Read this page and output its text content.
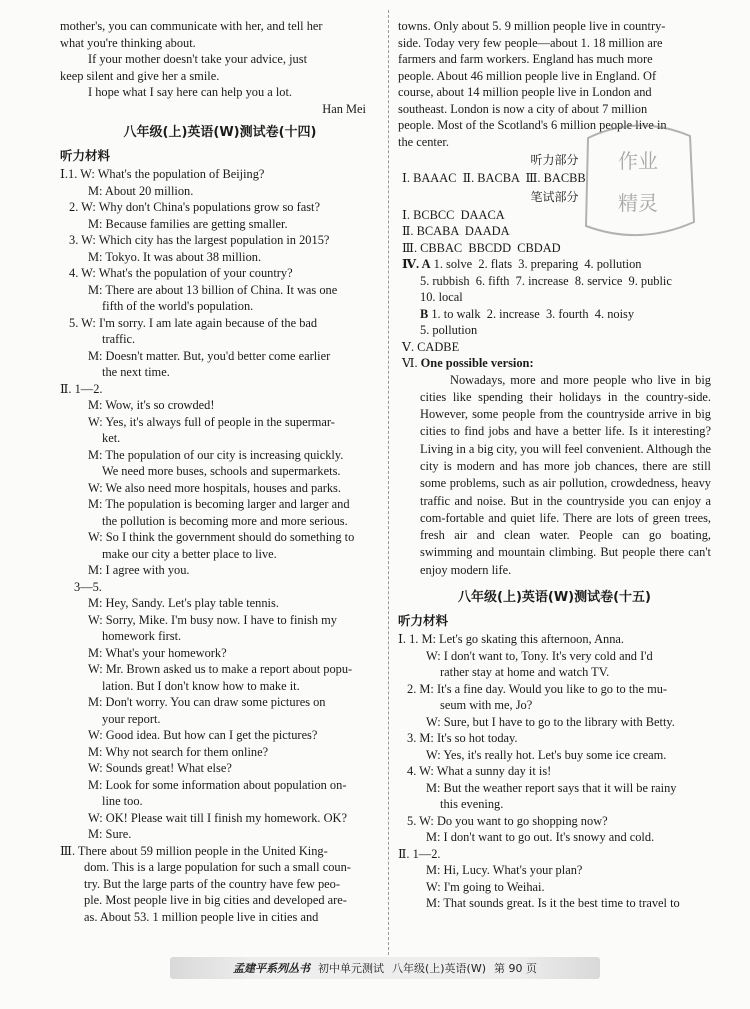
mother's, you can communicate with her, and tell her
what you're thinking about.
If your mother doesn't take your advice, just
keep silent and give her a smile.
I hope what I say here can help you a lot.
Han Mei
八年级(上)英语(W)测试卷(十四)
听力材料
Ⅰ.1. W: What's the population of Beijing?
M: About 20 million.
2. W: Why don't China's populations grow so fast?
M: Because families are getting smaller.
3. W: Which city has the largest population in 2015?
M: Tokyo. It was about 38 million.
4. W: What's the population of your country?
M: There are about 13 billion of China. It was one
fifth of the world's population.
5. W: I'm sorry. I am late again because of the bad
traffic.
M: Doesn't matter. But, you'd better come earlier
the next time.
Ⅱ. 1—2.
M: Wow, it's so crowded!
W: Yes, it's always full of people in the supermar-
ket.
M: The population of our city is increasing quickly.
We need more buses, schools and supermarkets.
W: We also need more hospitals, houses and parks.
M: The population is becoming larger and larger and
the pollution is becoming more and more serious.
W: So I think the government should do something to
make our city a better place to live.
M: I agree with you.
3—5.
M: Hey, Sandy. Let's play table tennis.
W: Sorry, Mike. I'm busy now. I have to finish my
homework first.
M: What's your homework?
W: Mr. Brown asked us to make a report about popu-
lation. But I don't know how to make it.
M: Don't worry. You can draw some pictures on
your report.
W: Good idea. But how can I get the pictures?
M: Why not search for them online?
W: Sounds great! What else?
M: Look for some information about population on-
line too.
W: OK! Please wait till I finish my homework. OK?
M: Sure.
Ⅲ. There about 59 million people in the United King-
dom. This is a large population for such a small coun-
try. But the large parts of the country have few peo-
ple. Most people live in big cities and developed are-
as. About 53. 1 million people live in cities and
towns. Only about 5. 9 million people live in country-
side. Today very few people—about 1. 18 million are
farmers and farm workers. England has much more
people. About 46 million people live in England. Of
course, about 14 million people live in London and
southeast. London is now a city of about 7 million
people. Most of the Scotland's 6 million people live in
the center.
听力部分
Ⅰ. BAAAC  Ⅱ. BACBA  Ⅲ. BACBB
笔试部分
Ⅰ. BCBCC  DAACA
Ⅱ. BCABA  DAADA
Ⅲ. CBBAC  BBCDD  CBDAD
Ⅳ. A 1. solve  2. flats  3. preparing  4. pollution
5. rubbish  6. fifth  7. increase  8. service  9. public
10. local
B 1. to walk  2. increase  3. fourth  4. noisy
5. pollution
Ⅴ. CADBE
Ⅵ. One possible version:

Nowadays, more and more people who live in big cities like spending their holidays in the country-side. However, some people from the countryside arrive in big cities to find jobs and have a better life. Is it interesting? Living in a big city, you will feel convenient. Although the city is modern and has more job chances, there are still some problems, such as air pollution, crowdedness, heavy traffic and noise. But in the countryside you can enjoy a com-fortable and quiet life. There are lots of green trees, fresh air and clean water. People can go boating, swimming and mountain climbing. But people there can't enjoy modern life.

八年级(上)英语(W)测试卷(十五)
听力材料
Ⅰ. 1. M: Let's go skating this afternoon, Anna.
W: I don't want to, Tony. It's very cold and I'd
rather stay at home and watch TV.
2. M: It's a fine day. Would you like to go to the mu-
seum with me, Jo?
W: Sure, but I have to go to the library with Betty.
3. M: It's so hot today.
W: Yes, it's really hot. Let's buy some ice cream.
4. W: What a sunny day it is!
M: But the weather report says that it will be rainy
this evening.
5. W: Do you want to go shopping now?
M: I don't want to go out. It's snowy and cold.
Ⅱ. 1—2.
M: Hi, Lucy. What's your plan?
W: I'm going to Weihai.
M: That sounds great. Is it the best time to travel to
作业
精灵
孟建平系列丛书 初中单元测试 八年级(上)英语(W) 第 90 页
